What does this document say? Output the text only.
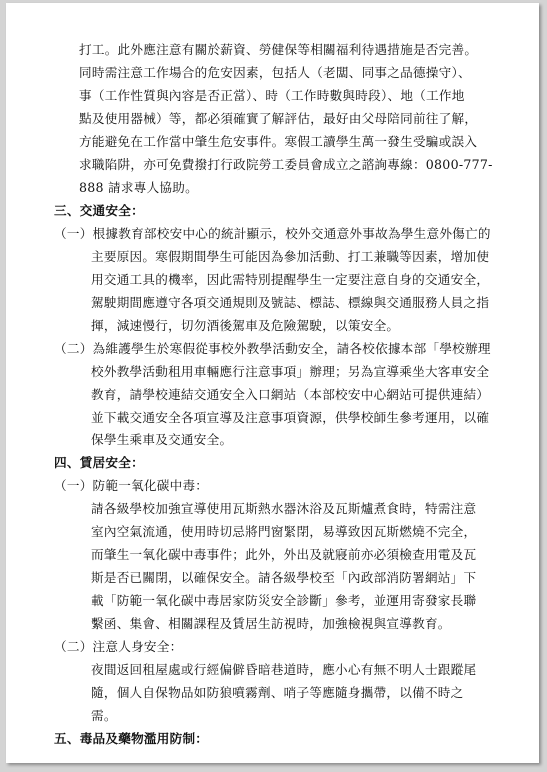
打工。此外應注意有關於薪資、勞健保等相關福利待遇措施是否完善。
同時需注意工作場合的危安因素，包括人（老闆、同事之品德操守）、
事（工作性質與內容是否正當）、時（工作時數與時段）、地（工作地
點及使用器械）等，都必須確實了解評估，最好由父母陪同前往了解，
方能避免在工作當中肇生危安事件。寒假工讀學生萬一發生受騙或誤入
求職陷阱，亦可免費撥打行政院勞工委員會成立之諮詢專線：0800-777-
888 請求專人協助。
三、交通安全：
（一）根據教育部校安中心的統計顯示，校外交通意外事故為學生意外傷亡的
主要原因。寒假期間學生可能因為參加活動、打工兼職等因素，增加使
用交通工具的機率，因此需特別提醒學生一定要注意自身的交通安全，
駕駛期間應遵守各項交通規則及號誌、標誌、標線與交通服務人員之指
揮，減速慢行，切勿酒後駕車及危險駕駛，以策安全。
（二）為維護學生於寒假從事校外教學活動安全，請各校依據本部「學校辦理
校外教學活動租用車輛應行注意事項」辦理；另為宣導乘坐大客車安全
教育，請學校連結交通安全入口網站（本部校安中心網站可提供連結）
並下載交通安全各項宣導及注意事項資源，供學校師生參考運用，以確
保學生乘車及交通安全。
四、賃居安全：
（一）防範一氧化碳中毒：
請各級學校加強宣導使用瓦斯熱水器沐浴及瓦斯爐煮食時，特需注意
室內空氣流通，使用時切忌將門窗緊閉，易導致因瓦斯燃燒不完全，
而肇生一氧化碳中毒事件；此外，外出及就寢前亦必須檢查用電及瓦
斯是否已關閉，以確保安全。請各級學校至「內政部消防署網站」下
載「防範一氧化碳中毒居家防災安全診斷」參考，並運用寄發家長聯
繫函、集會、相關課程及賃居生訪視時，加強檢視與宣導教育。
（二）注意人身安全：
夜間返回租屋處或行經偏僻昏暗巷道時，應小心有無不明人士跟蹤尾
隨，個人自保物品如防狼噴霧劑、哨子等應隨身攜帶，以備不時之
需。
五、毒品及藥物濫用防制：
